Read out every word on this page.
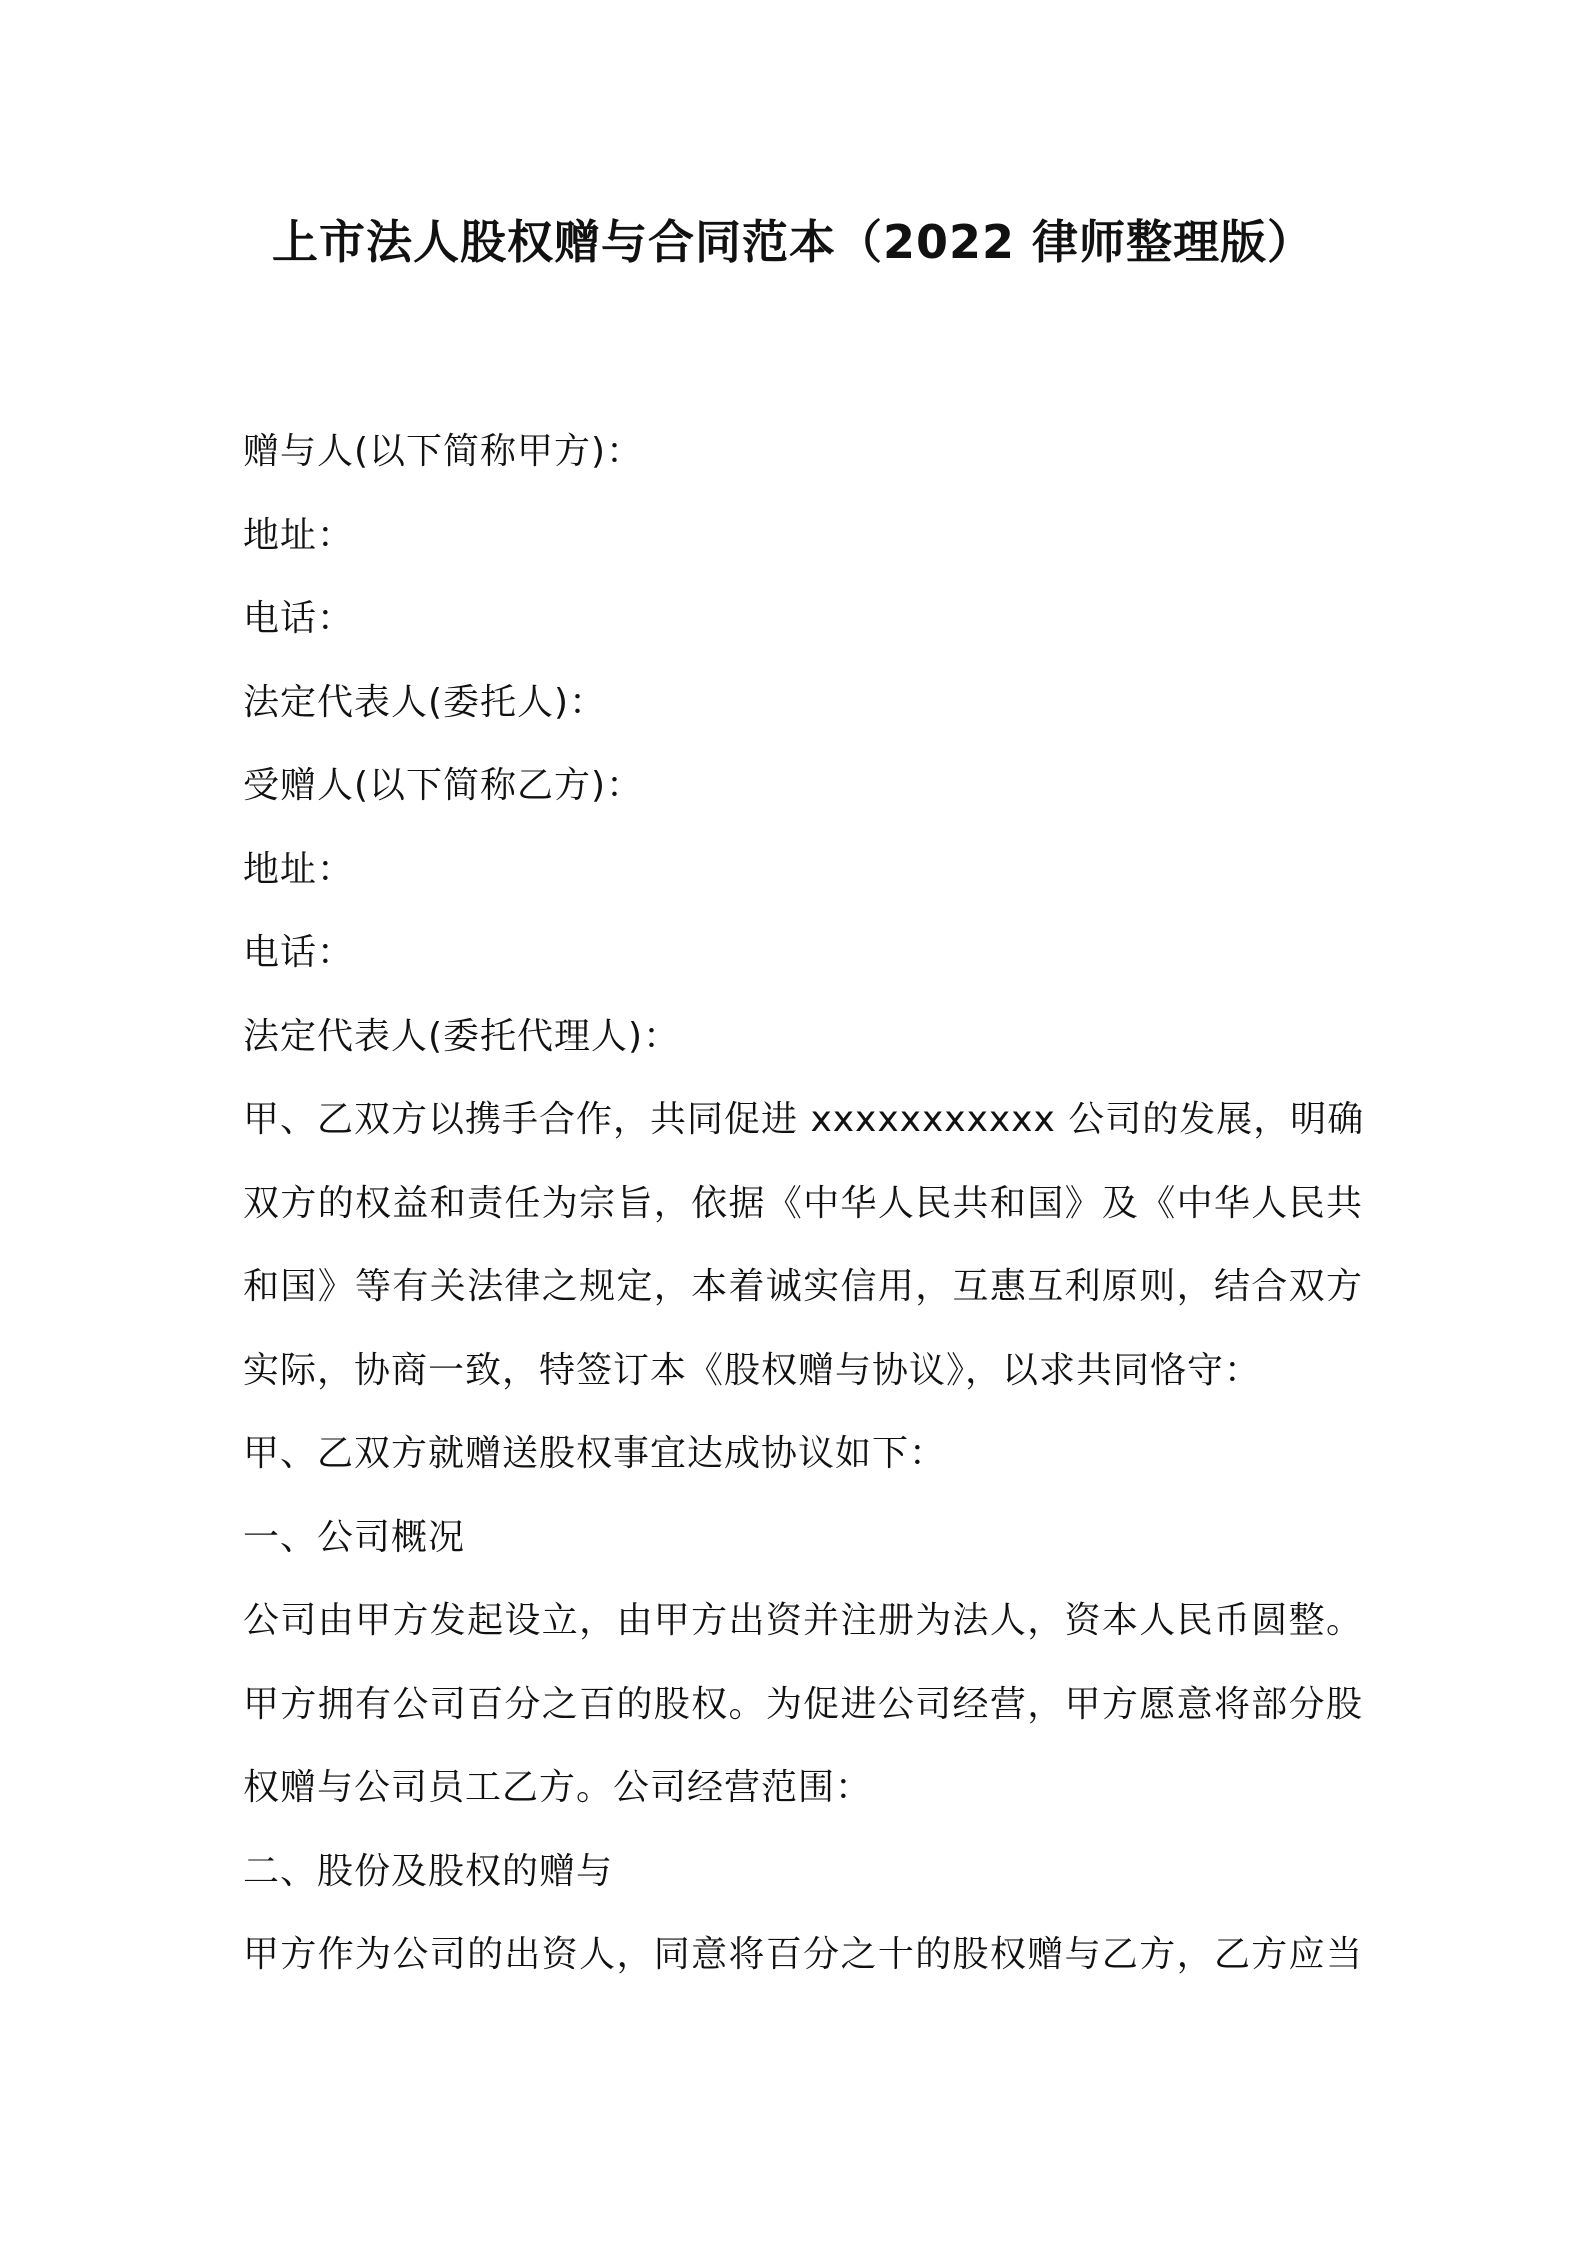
上市法人股权赠与合同范本（2022 律师整理版）
赠与人(以下简称甲方)：
地址：
电话：
法定代表人(委托人)：
受赠人(以下简称乙方)：
地址：
电话：
法定代表人(委托代理人)：
甲、乙双方以携手合作，共同促进 xxxxxxxxxxx 公司的发展，明确
双方的权益和责任为宗旨，依据《中华人民共和国》及《中华人民共
和国》等有关法律之规定，本着诚实信用，互惠互利原则，结合双方
实际，协商一致，特签订本《股权赠与协议》，以求共同恪守：
甲、乙双方就赠送股权事宜达成协议如下：
一、公司概况
公司由甲方发起设立，由甲方出资并注册为法人，资本人民币圆整。
甲方拥有公司百分之百的股权。为促进公司经营，甲方愿意将部分股
权赠与公司员工乙方。公司经营范围：
二、股份及股权的赠与
甲方作为公司的出资人，同意将百分之十的股权赠与乙方，乙方应当
